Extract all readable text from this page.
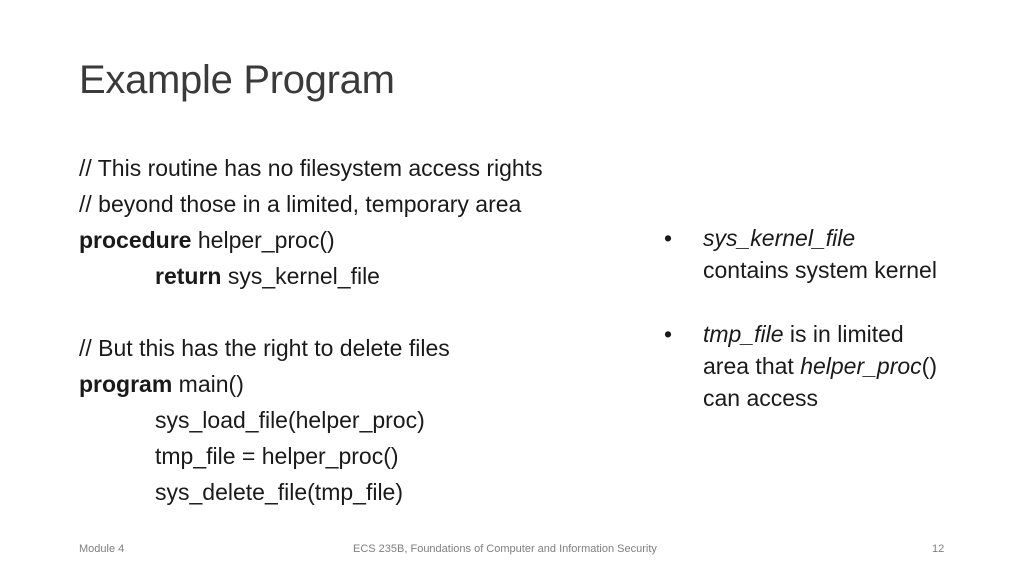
Example Program
// This routine has no filesystem access rights
// beyond those in a limited, temporary area
procedure helper_proc()
return sys_kernel_file
// But this has the right to delete files
program main()
sys_load_file(helper_proc)
tmp_file = helper_proc()
sys_delete_file(tmp_file)
• sys_kernel_file
contains system kernel
• tmp_file is in limited area that helper_proc() can access
Module 4	ECS 235B, Foundations of Computer and Information Security	12
